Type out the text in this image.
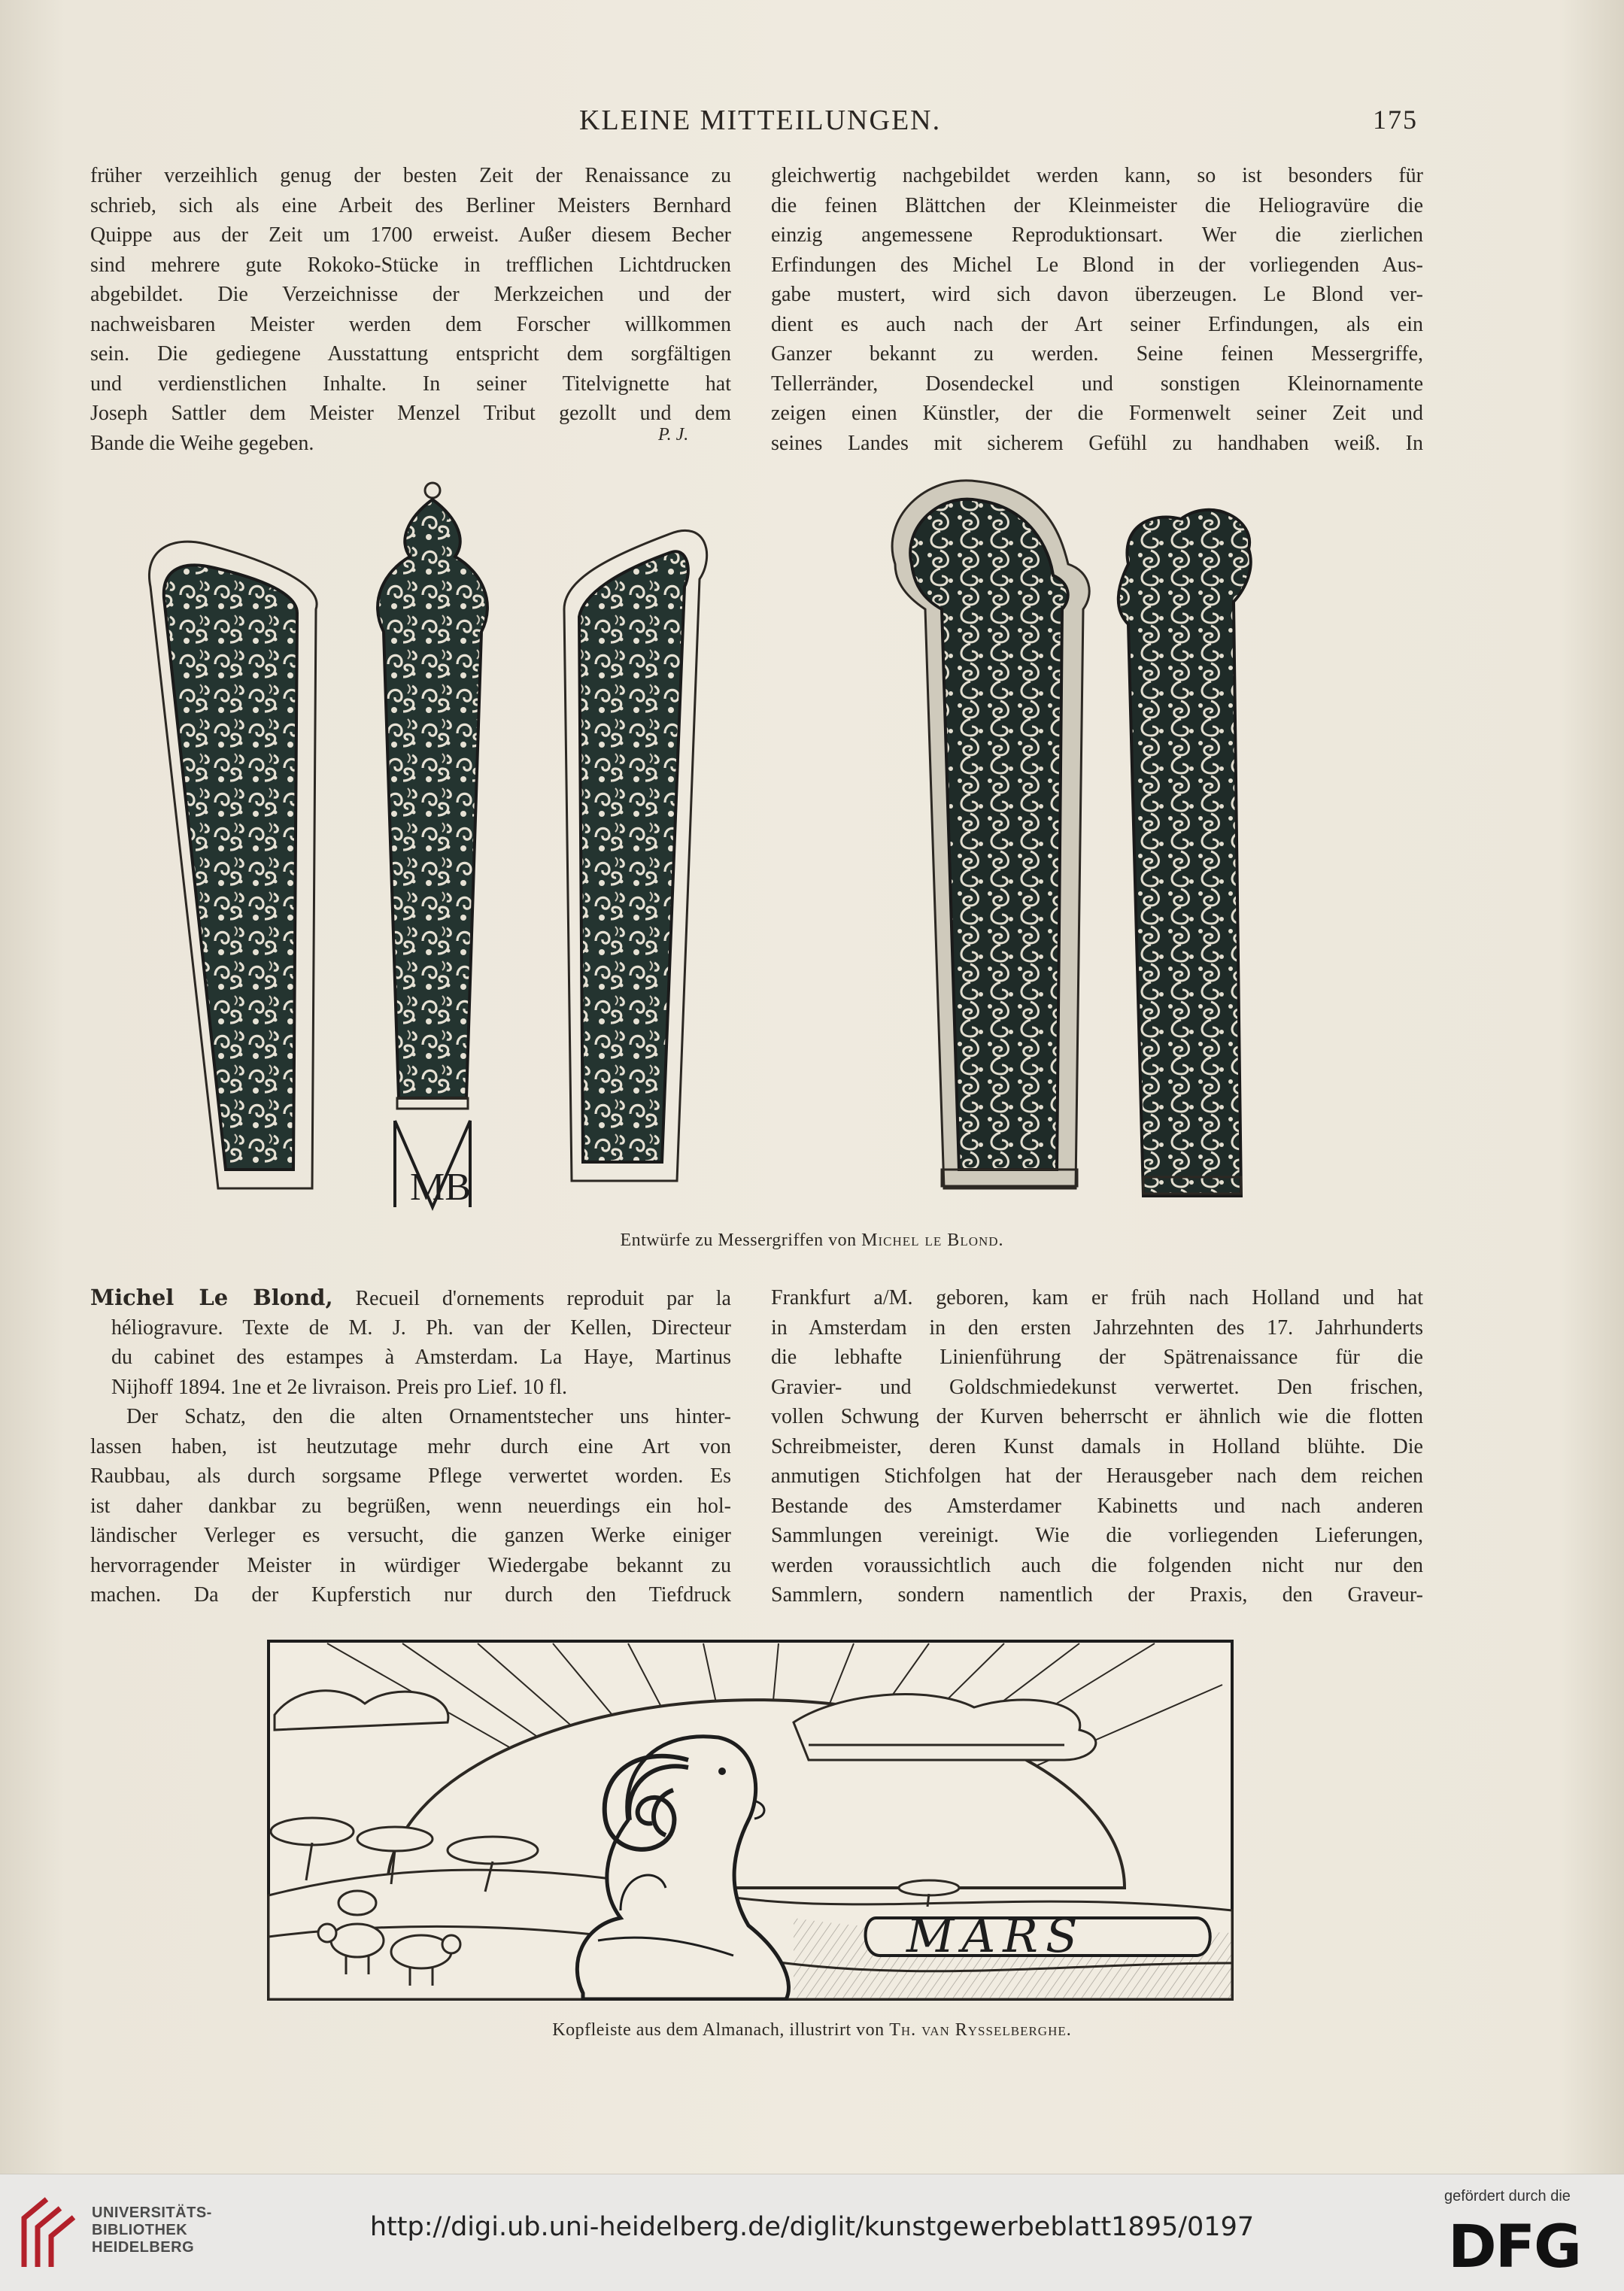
KLEINE MITTEILUNGEN.	175
früher verzeihlich genug der besten Zeit der Renaissance zu
schrieb, sich als eine Arbeit des Berliner Meisters Bernhard
Quippe aus der Zeit um 1700 erweist. Außer diesem Becher
sind mehrere gute Rokoko-Stücke in trefflichen Lichtdrucken
abgebildet. Die Verzeichnisse der Merkzeichen und der
nachweisbaren Meister werden dem Forscher willkommen
sein. Die gediegene Ausstattung entspricht dem sorgfältigen
und verdienstlichen Inhalte. In seiner Titelvignette hat
Joseph Sattler dem Meister Menzel Tribut gezollt und dem
Bande die Weihe gegeben.	P. J.
gleichwertig nachgebildet werden kann, so ist besonders für
die feinen Blättchen der Kleinmeister die Heliogravüre die
einzig angemessene Reproduktionsart. Wer die zierlichen
Erfindungen des Michel Le Blond in der vorliegenden Aus-
gabe mustert, wird sich davon überzeugen. Le Blond ver-
dient es auch nach der Art seiner Erfindungen, als ein
Ganzer bekannt zu werden. Seine feinen Messergriffe,
Tellerränder, Dosendeckel und sonstigen Kleinornamente
zeigen einen Künstler, der die Formenwelt seiner Zeit und
seines Landes mit sicherem Gefühl zu handhaben weiß. In
MB
Entwürfe zu Messergriffen von Michel le Blond.
Michel Le Blond, Recueil d'ornements reproduit par la
héliogravure. Texte de M. J. Ph. van der Kellen, Directeur
du cabinet des estampes à Amsterdam. La Haye, Martinus
Nijhoff 1894. 1ne et 2e livraison. Preis pro Lief. 10 fl.
Der Schatz, den die alten Ornamentstecher uns hinter-
lassen haben, ist heutzutage mehr durch eine Art von
Raubbau, als durch sorgsame Pflege verwertet worden. Es
ist daher dankbar zu begrüßen, wenn neuerdings ein hol-
ländischer Verleger es versucht, die ganzen Werke einiger
hervorragender Meister in würdiger Wiedergabe bekannt zu
machen. Da der Kupferstich nur durch den Tiefdruck
Frankfurt a/M. geboren, kam er früh nach Holland und hat
in Amsterdam in den ersten Jahrzehnten des 17. Jahrhunderts
die lebhafte Linienführung der Spätrenaissance für die
Gravier- und Goldschmiedekunst verwertet. Den frischen,
vollen Schwung der Kurven beherrscht er ähnlich wie die flotten
Schreibmeister, deren Kunst damals in Holland blühte. Die
anmutigen Stichfolgen hat der Herausgeber nach dem reichen
Bestande des Amsterdamer Kabinetts und nach anderen
Sammlungen vereinigt. Wie die vorliegenden Lieferungen,
werden voraussichtlich auch die folgenden nicht nur den
Sammlern, sondern namentlich der Praxis, den Graveur-
MARS
Kopfleiste aus dem Almanach, illustrirt von Th. van Rysselberghe.
UNIVERSITÄTS-
BIBLIOTHEK
HEIDELBERG
http://digi.ub.uni-heidelberg.de/diglit/kunstgewerbeblatt1895/0197
gefördert durch die
DFG
